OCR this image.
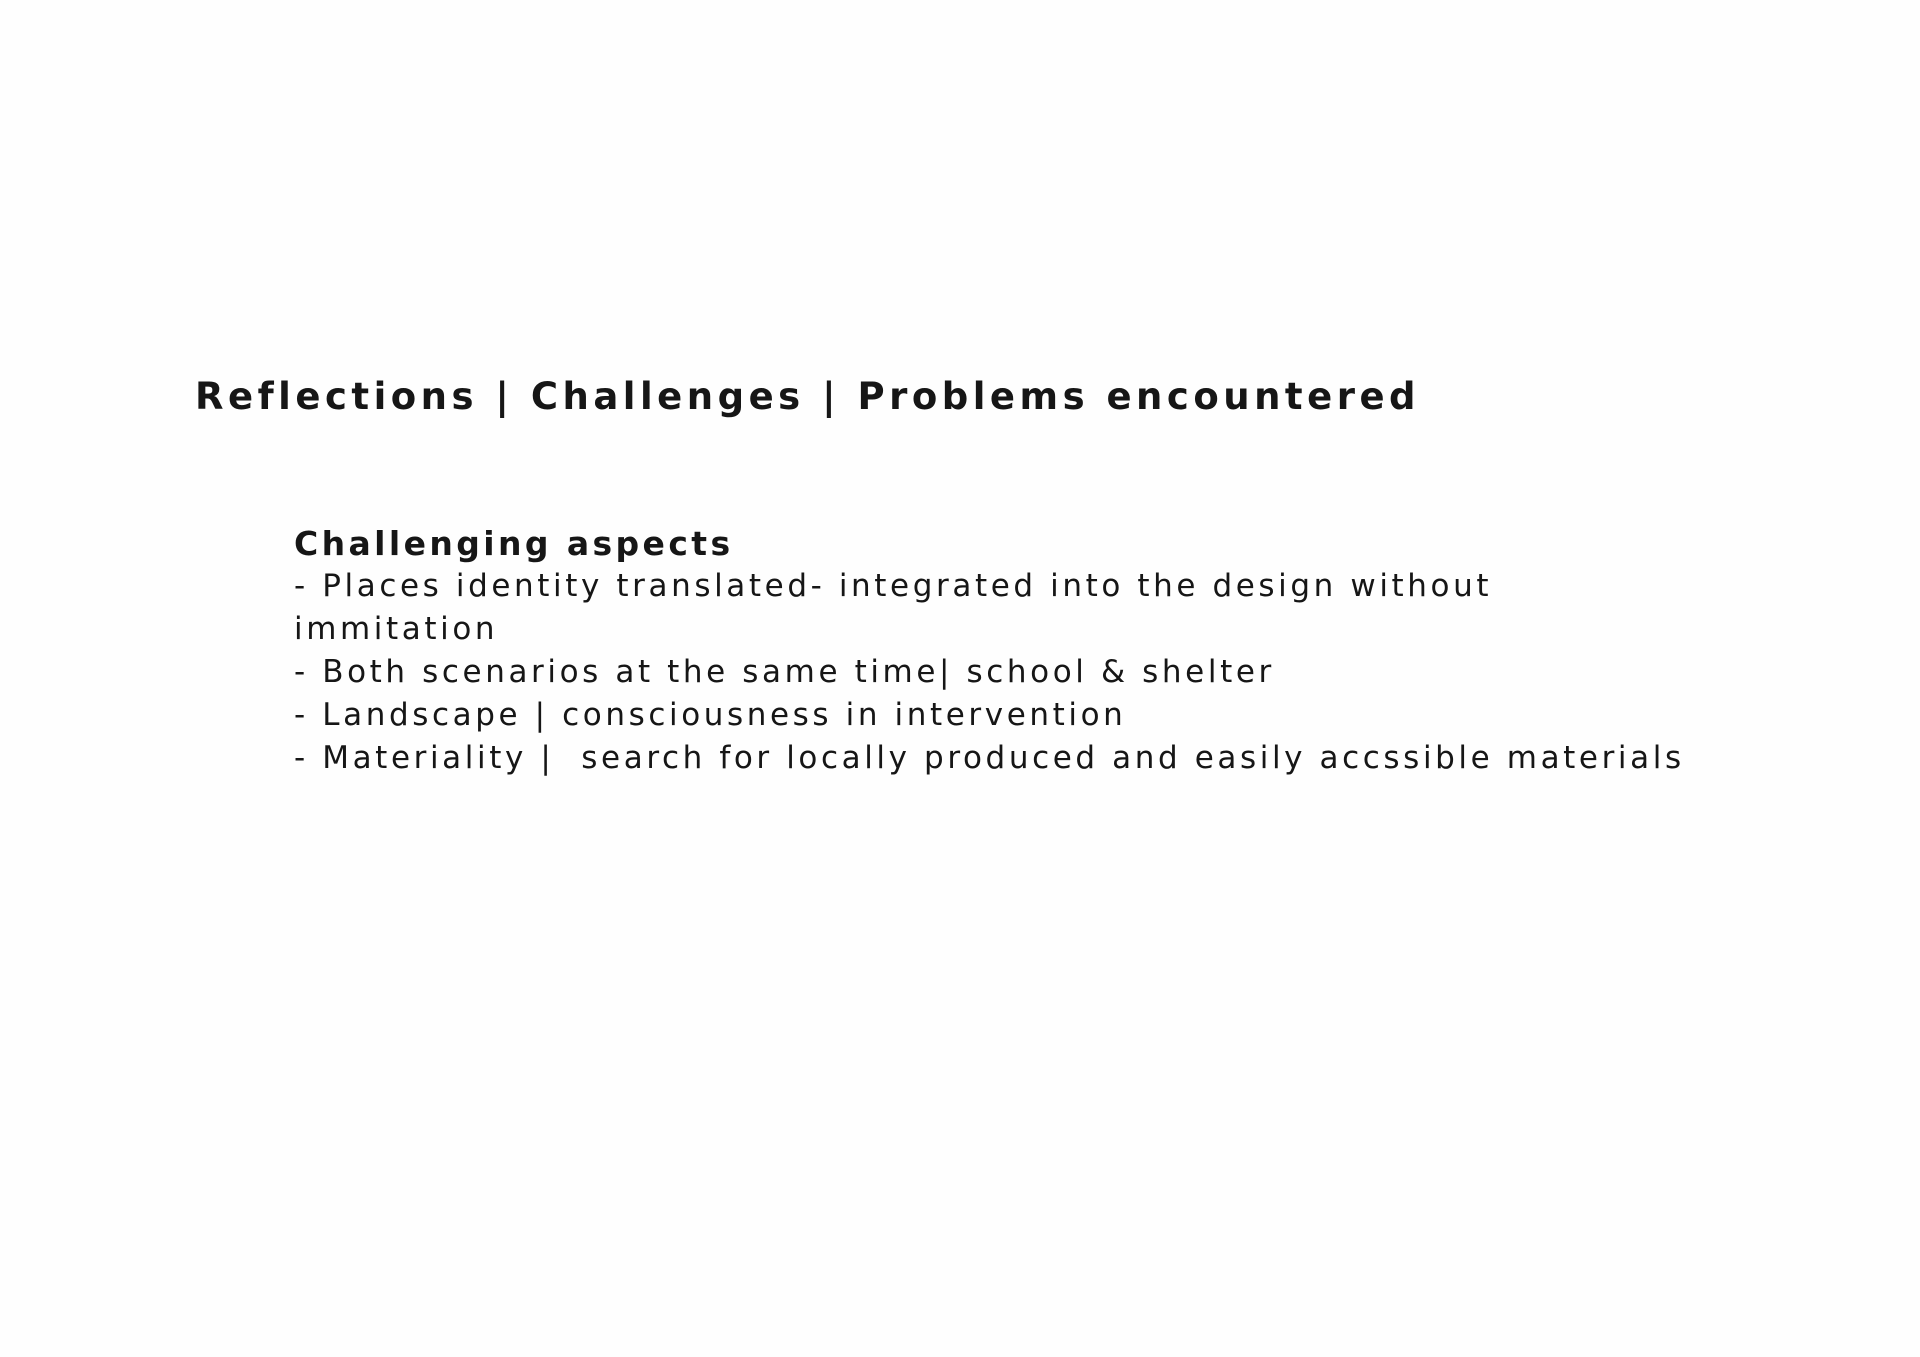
Reflections | Challenges | Problems encountered
Challenging aspects
- Places identity translated- integrated into the design without
immitation
- Both scenarios at the same time| school & shelter
- Landscape | consciousness in intervention
- Materiality |  search for locally produced and easily accssible materials
